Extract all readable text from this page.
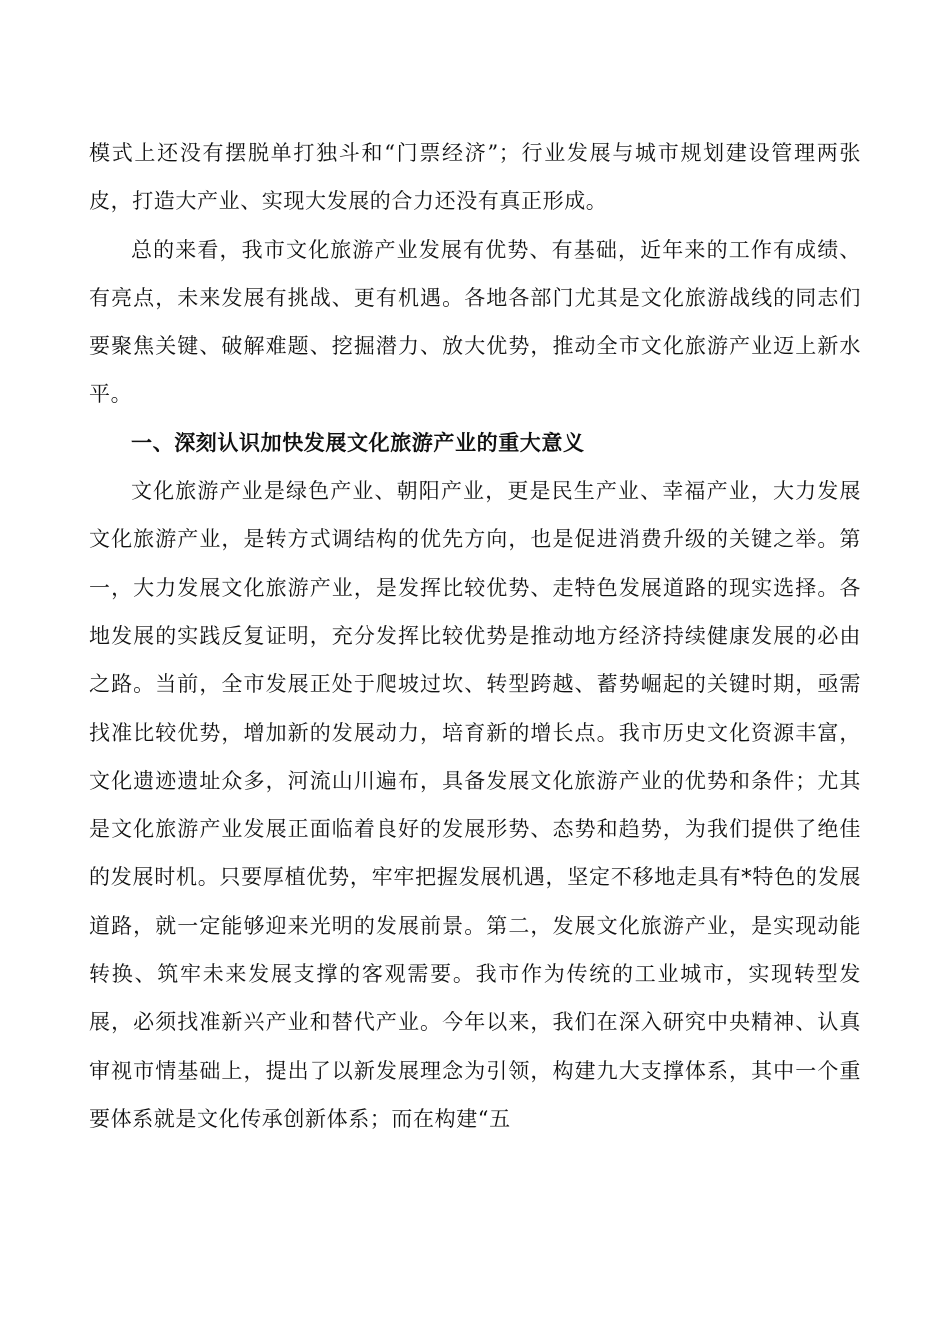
模式上还没有摆脱单打独斗和“门票经济”；行业发展与城市规划建设管理两张皮，打造大产业、实现大发展的合力还没有真正形成。

总的来看，我市文化旅游产业发展有优势、有基础，近年来的工作有成绩、有亮点，未来发展有挑战、更有机遇。各地各部门尤其是文化旅游战线的同志们要聚焦关键、破解难题、挖掘潜力、放大优势，推动全市文化旅游产业迈上新水平。

一、深刻认识加快发展文化旅游产业的重大意义

文化旅游产业是绿色产业、朝阳产业，更是民生产业、幸福产业，大力发展文化旅游产业，是转方式调结构的优先方向，也是促进消费升级的关键之举。第一，大力发展文化旅游产业，是发挥比较优势、走特色发展道路的现实选择。各地发展的实践反复证明，充分发挥比较优势是推动地方经济持续健康发展的必由之路。当前，全市发展正处于爬坡过坎、转型跨越、蓄势崛起的关键时期，亟需找准比较优势，增加新的发展动力，培育新的增长点。我市历史文化资源丰富，文化遗迹遗址众多，河流山川遍布，具备发展文化旅游产业的优势和条件；尤其是文化旅游产业发展正面临着良好的发展形势、态势和趋势，为我们提供了绝佳的发展时机。只要厚植优势，牢牢把握发展机遇，坚定不移地走具有*特色的发展道路，就一定能够迎来光明的发展前景。第二，发展文化旅游产业，是实现动能转换、筑牢未来发展支撑的客观需要。我市作为传统的工业城市，实现转型发展，必须找准新兴产业和替代产业。今年以来，我们在深入研究中央精神、认真审视市情基础上，提出了以新发展理念为引领，构建九大支撑体系，其中一个重要体系就是文化传承创新体系；而在构建“五
